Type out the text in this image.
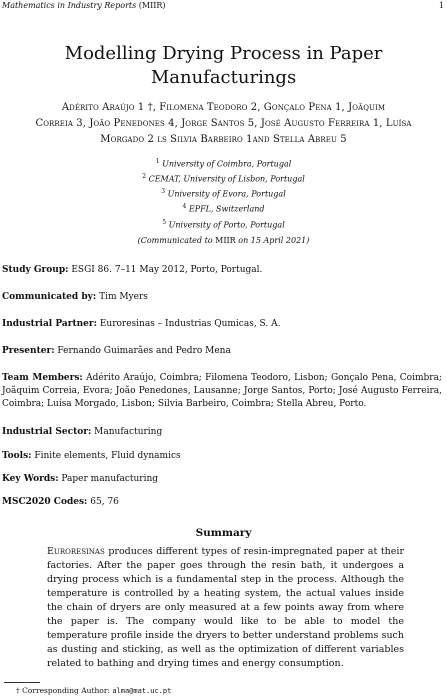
Mathematics in Industry Reports (MIIR)	1
Modelling Drying Process in Paper
Manufacturings
Adérito Araújo 1 †, Filomena Teodoro 2, Gonçalo Pena 1, Joãquim
Correia 3, João Penedones 4, Jorge Santos 5, José Augusto Ferreira 1, Luísa
Morgado 2 ls Silvia Barbeiro 1and Stella Abreu 5
$^1$ University of Coimbra, Portugal
$^2$ CEMAT, University of Lisbon, Portugal
$^3$ University of Evora, Portugal
$^4$ EPFL, Switzerland
$^5$ University of Porto, Portugal
(Communicated to MIIR on 15 April 2021)
Study Group: ESGI 86. 7–11 May 2012, Porto, Portugal.
Communicated by: Tim Myers
Industrial Partner: Euroresinas – Industrias Qumicas, S. A.
Presenter: Fernando Guimarães and Pedro Mena
Team Members: Adérito Araújo, Coimbra; Filomena Teodoro, Lisbon; Gonçalo Pena, Coimbra; Joãquim Correia, Evora; João Penedones, Lausanne; Jorge Santos, Porto; José Augusto Ferreira, Coimbra; Luísa Morgado, Lisbon; Silvia Barbeiro, Coimbra; Stella Abreu, Porto.
Industrial Sector: Manufacturing
Tools: Finite elements, Fluid dynamics
Key Words: Paper manufacturing
MSC2020 Codes: 65, 76
Summary
Euroresinas produces different types of resin-impregnated paper at their factories. After the paper goes through the resin bath, it undergoes a drying process which is a fundamental step in the process. Although the temperature is controlled by a heating system, the actual values inside the chain of dryers are only measured at a few points away from where the paper is. The company would like to be able to model the temperature profile inside the dryers to better understand problems such as dusting and sticking, as well as the optimization of different variables related to bathing and drying times and energy consumption.
† Corresponding Author: alma@mat.uc.pt
